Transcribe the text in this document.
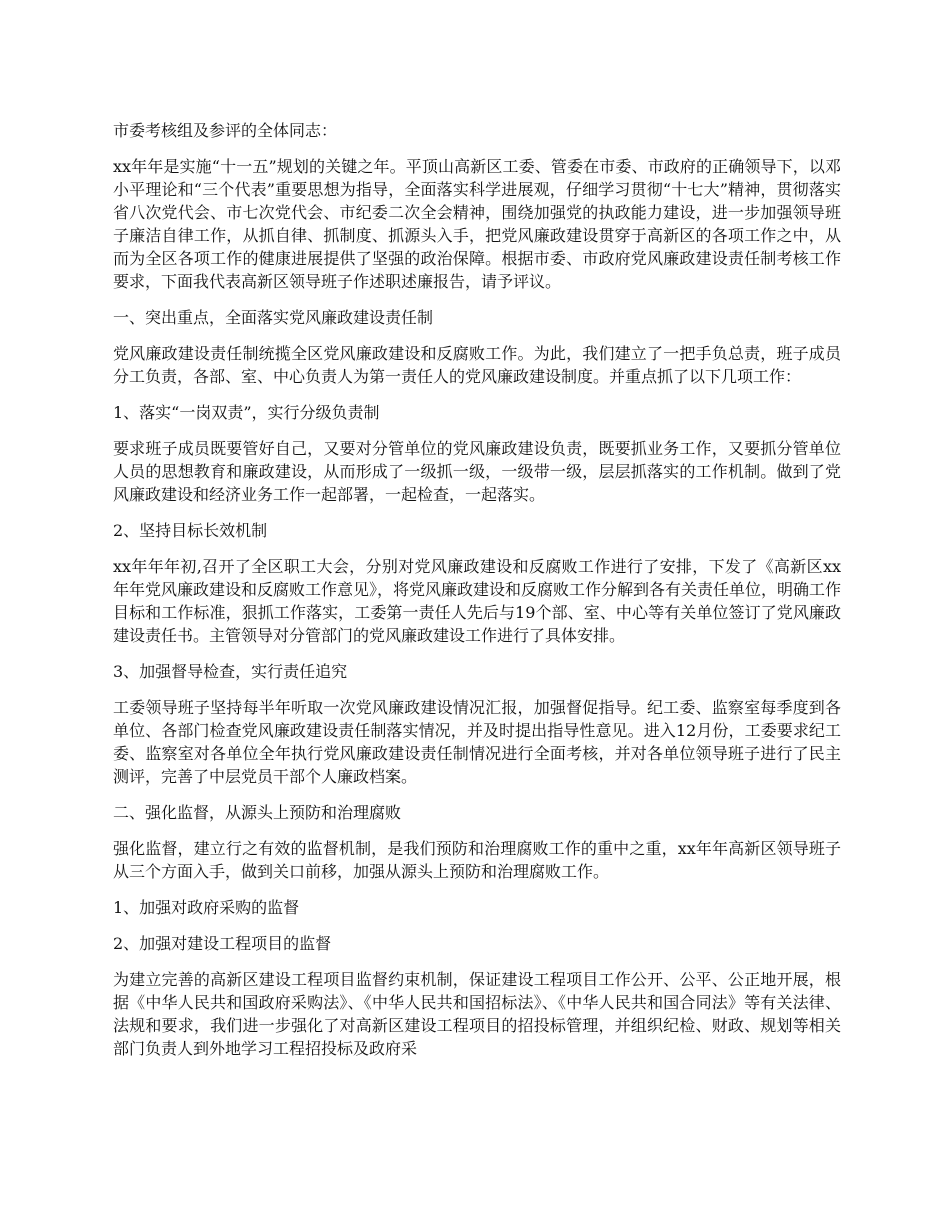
市委考核组及参评的全体同志：

xx年年是实施“十一五”规划的关键之年。平顶山高新区工委、管委在市委、市政府的正确领导下，以邓小平理论和“三个代表”重要思想为指导，全面落实科学进展观，仔细学习贯彻“十七大”精神，贯彻落实省八次党代会、市七次党代会、市纪委二次全会精神，围绕加强党的执政能力建设，进一步加强领导班子廉洁自律工作，从抓自律、抓制度、抓源头入手，把党风廉政建设贯穿于高新区的各项工作之中，从而为全区各项工作的健康进展提供了坚强的政治保障。根据市委、市政府党风廉政建设责任制考核工作要求，下面我代表高新区领导班子作述职述廉报告，请予评议。

一、突出重点，全面落实党风廉政建设责任制

党风廉政建设责任制统揽全区党风廉政建设和反腐败工作。为此，我们建立了一把手负总责，班子成员分工负责，各部、室、中心负责人为第一责任人的党风廉政建设制度。并重点抓了以下几项工作：

1、落实“一岗双责”，实行分级负责制

要求班子成员既要管好自己，又要对分管单位的党风廉政建设负责，既要抓业务工作，又要抓分管单位人员的思想教育和廉政建设，从而形成了一级抓一级，一级带一级，层层抓落实的工作机制。做到了党风廉政建设和经济业务工作一起部署，一起检查，一起落实。

2、坚持目标长效机制

xx年年年初,召开了全区职工大会，分别对党风廉政建设和反腐败工作进行了安排，下发了《高新区xx年年党风廉政建设和反腐败工作意见》，将党风廉政建设和反腐败工作分解到各有关责任单位，明确工作目标和工作标准，狠抓工作落实，工委第一责任人先后与19个部、室、中心等有关单位签订了党风廉政建设责任书。主管领导对分管部门的党风廉政建设工作进行了具体安排。

3、加强督导检查，实行责任追究

工委领导班子坚持每半年听取一次党风廉政建设情况汇报，加强督促指导。纪工委、监察室每季度到各单位、各部门检查党风廉政建设责任制落实情况，并及时提出指导性意见。进入12月份，工委要求纪工委、监察室对各单位全年执行党风廉政建设责任制情况进行全面考核，并对各单位领导班子进行了民主测评，完善了中层党员干部个人廉政档案。

二、强化监督，从源头上预防和治理腐败

强化监督，建立行之有效的监督机制，是我们预防和治理腐败工作的重中之重，xx年年高新区领导班子从三个方面入手，做到关口前移，加强从源头上预防和治理腐败工作。

1、加强对政府采购的监督

2、加强对建设工程项目的监督

为建立完善的高新区建设工程项目监督约束机制，保证建设工程项目工作公开、公平、公正地开展，根据《中华人民共和国政府采购法》、《中华人民共和国招标法》、《中华人民共和国合同法》等有关法律、法规和要求，我们进一步强化了对高新区建设工程项目的招投标管理，并组织纪检、财政、规划等相关部门负责人到外地学习工程招投标及政府采
